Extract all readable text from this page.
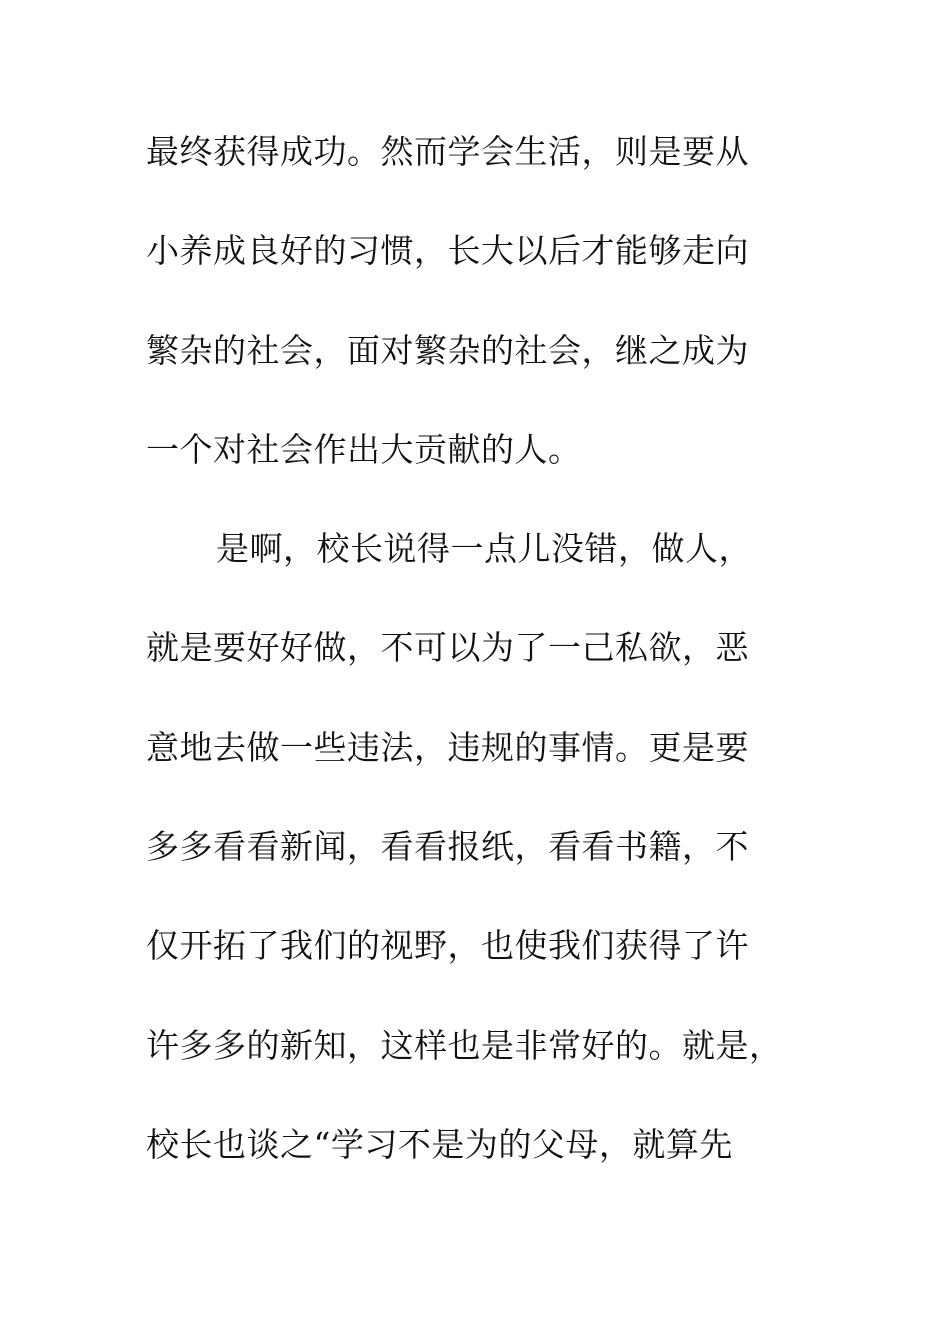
最终获得成功。然而学会生活，则是要从
小养成良好的习惯，长大以后才能够走向
繁杂的社会，面对繁杂的社会，继之成为
一个对社会作出大贡献的人。
是啊，校长说得一点儿没错，做人，
就是要好好做，不可以为了一己私欲，恶
意地去做一些违法，违规的事情。更是要
多多看看新闻，看看报纸，看看书籍，不
仅开拓了我们的视野，也使我们获得了许
许多多的新知，这样也是非常好的。就是，
校长也谈之“学习不是为的父母，就算先
